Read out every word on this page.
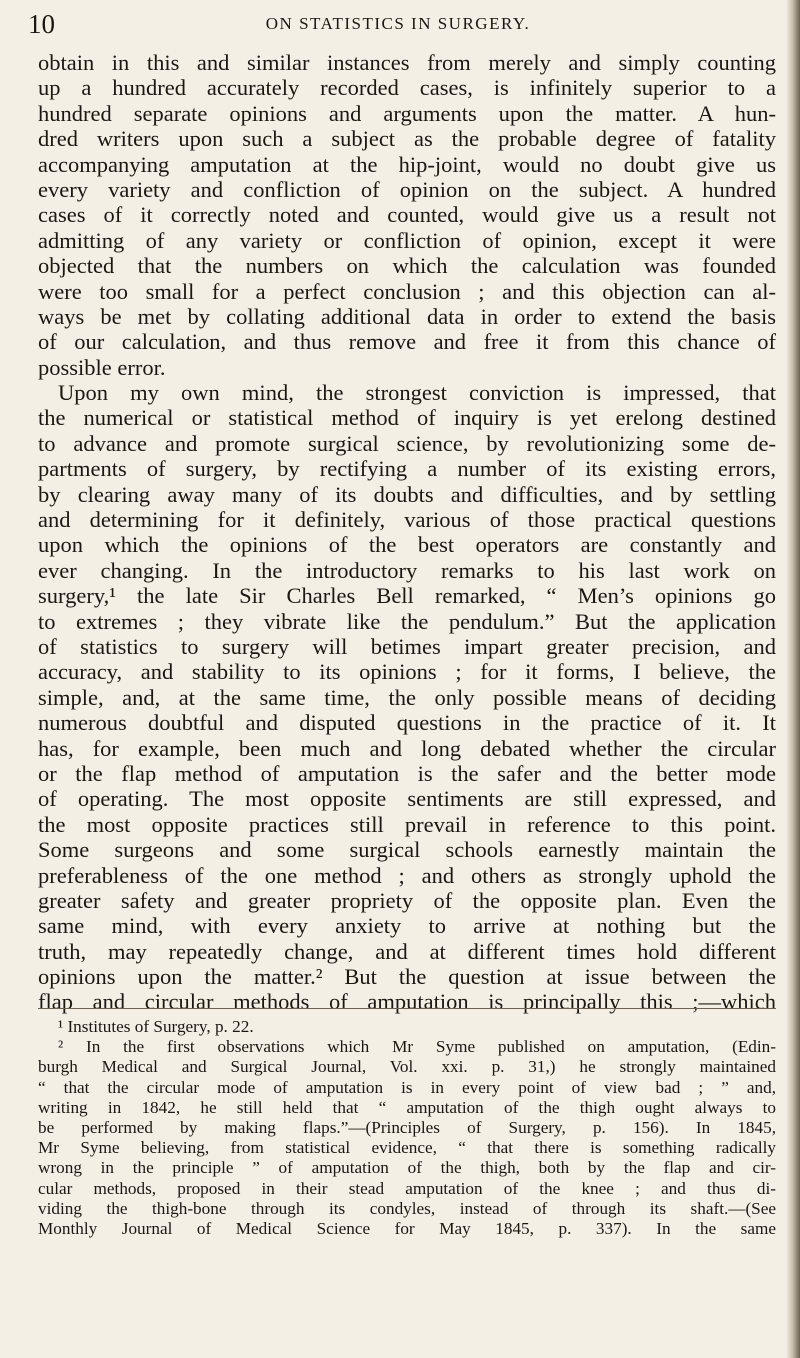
10	ON STATISTICS IN SURGERY.
obtain in this and similar instances from merely and simply counting
up a hundred accurately recorded cases, is infinitely superior to a
hundred separate opinions and arguments upon the matter. A hun-
dred writers upon such a subject as the probable degree of fatality
accompanying amputation at the hip-joint, would no doubt give us
every variety and confliction of opinion on the subject. A hundred
cases of it correctly noted and counted, would give us a result not
admitting of any variety or confliction of opinion, except it were
objected that the numbers on which the calculation was founded
were too small for a perfect conclusion ; and this objection can al-
ways be met by collating additional data in order to extend the basis
of our calculation, and thus remove and free it from this chance of
possible error.
Upon my own mind, the strongest conviction is impressed, that
the numerical or statistical method of inquiry is yet erelong destined
to advance and promote surgical science, by revolutionizing some de-
partments of surgery, by rectifying a number of its existing errors,
by clearing away many of its doubts and difficulties, and by settling
and determining for it definitely, various of those practical questions
upon which the opinions of the best operators are constantly and
ever changing. In the introductory remarks to his last work on
surgery,¹ the late Sir Charles Bell remarked, “ Men’s opinions go
to extremes ; they vibrate like the pendulum.” But the application
of statistics to surgery will betimes impart greater precision, and
accuracy, and stability to its opinions ; for it forms, I believe, the
simple, and, at the same time, the only possible means of deciding
numerous doubtful and disputed questions in the practice of it. It
has, for example, been much and long debated whether the circular
or the flap method of amputation is the safer and the better mode
of operating. The most opposite sentiments are still expressed, and
the most opposite practices still prevail in reference to this point.
Some surgeons and some surgical schools earnestly maintain the
preferableness of the one method ; and others as strongly uphold the
greater safety and greater propriety of the opposite plan. Even the
same mind, with every anxiety to arrive at nothing but the
truth, may repeatedly change, and at different times hold different
opinions upon the matter.² But the question at issue between the
flap and circular methods of amputation is principally this ;—which
¹ Institutes of Surgery, p. 22.
² In the first observations which Mr Syme published on amputation, (Edin-
burgh Medical and Surgical Journal, Vol. xxi. p. 31,) he strongly maintained
“ that the circular mode of amputation is in every point of view bad ; ” and,
writing in 1842, he still held that “ amputation of the thigh ought always to
be performed by making flaps.”—(Principles of Surgery, p. 156). In 1845,
Mr Syme believing, from statistical evidence, “ that there is something radically
wrong in the principle ” of amputation of the thigh, both by the flap and cir-
cular methods, proposed in their stead amputation of the knee ; and thus di-
viding the thigh-bone through its condyles, instead of through its shaft.—(See
Monthly Journal of Medical Science for May 1845, p. 337). In the same
